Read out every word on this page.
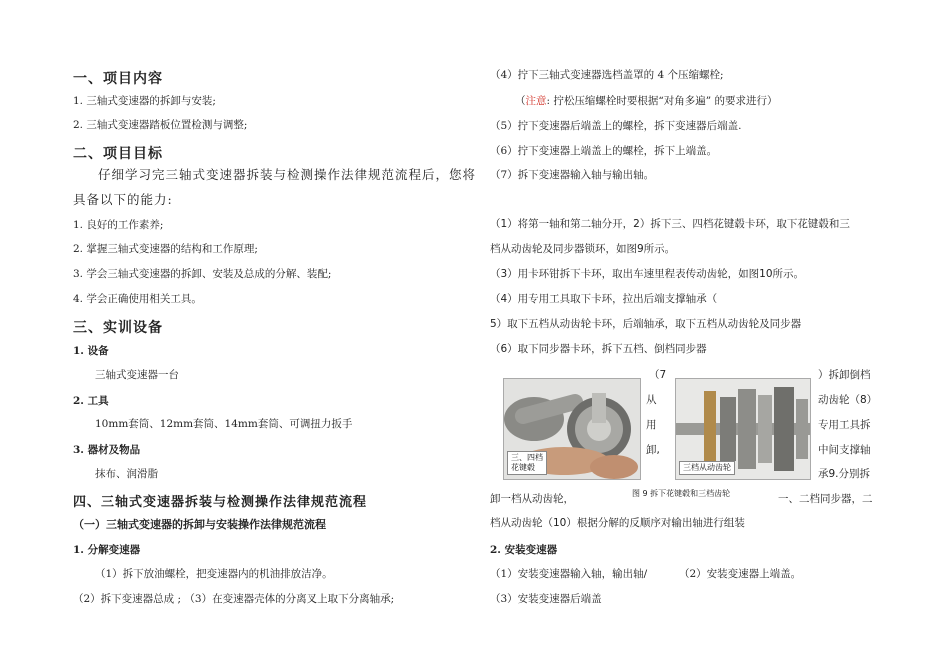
一、项目内容
1. 三轴式变速器的拆卸与安装;
2. 三轴式变速器踏板位置检测与调整;
二、项目目标
仔细学习完三轴式变速器拆装与检测操作法律规范流程后，您将
具备以下的能力:
1. 良好的工作素养;
2. 掌握三轴式变速器的结构和工作原理;
3. 学会三轴式变速器的拆卸、安装及总成的分解、装配;
4. 学会正确使用相关工具。
三、实训设备
1. 设备
三轴式变速器一台
2. 工具
10mm套筒、12mm套筒、14mm套筒、可调扭力扳手
3. 器材及物品
抹布、润滑脂
四、三轴式变速器拆装与检测操作法律规范流程
（一）三轴式变速器的拆卸与安装操作法律规范流程
1. 分解变速器
（1）拆下放油螺栓，把变速器内的机油排放洁净。
（2）拆下变速器总成 ; （3）在变速器壳体的分离叉上取下分离轴承;
（4）拧下三轴式变速器选档盖罩的 4 个压缩螺栓;
（注意: 拧松压缩螺栓时要根据“对角多遍” 的要求进行）
（5）拧下变速器后端盖上的螺栓，拆下变速器后端盖.
（6）拧下变速器上端盖上的螺栓，拆下上端盖。
（7）拆下变速器输入轴与输出轴。
（1）将第一轴和第二轴分开，2）拆下三、四档花键毂卡环，取下花键毂和三
档从动齿轮及同步器锁环，如图9所示。
（3）用卡环钳拆下卡环，取出车速里程表传动齿轮，如图10所示。
（4）用专用工具取下卡环，拉出后端支撑轴承（
5）取下五档从动齿轮卡环，后端轴承，取下五档从动齿轮及同步器
（6）取下同步器卡环，拆下五档、倒档同步器
（7
从
用
卸,
）拆卸倒档
动齿轮（8）
专用工具拆
中间支撑轴
承9.分别拆
三、四档
花键毂	三档从动齿轮
图 9 拆下花键毂和三档齿轮
卸一档从动齿轮，	一、二档同步器，二
档从动齿轮（10）根据分解的反顺序对输出轴进行组装
2. 安装变速器
（1）安装变速器输入轴，输出轴/	（2）安装变速器上端盖。
（3）安装变速器后端盖
